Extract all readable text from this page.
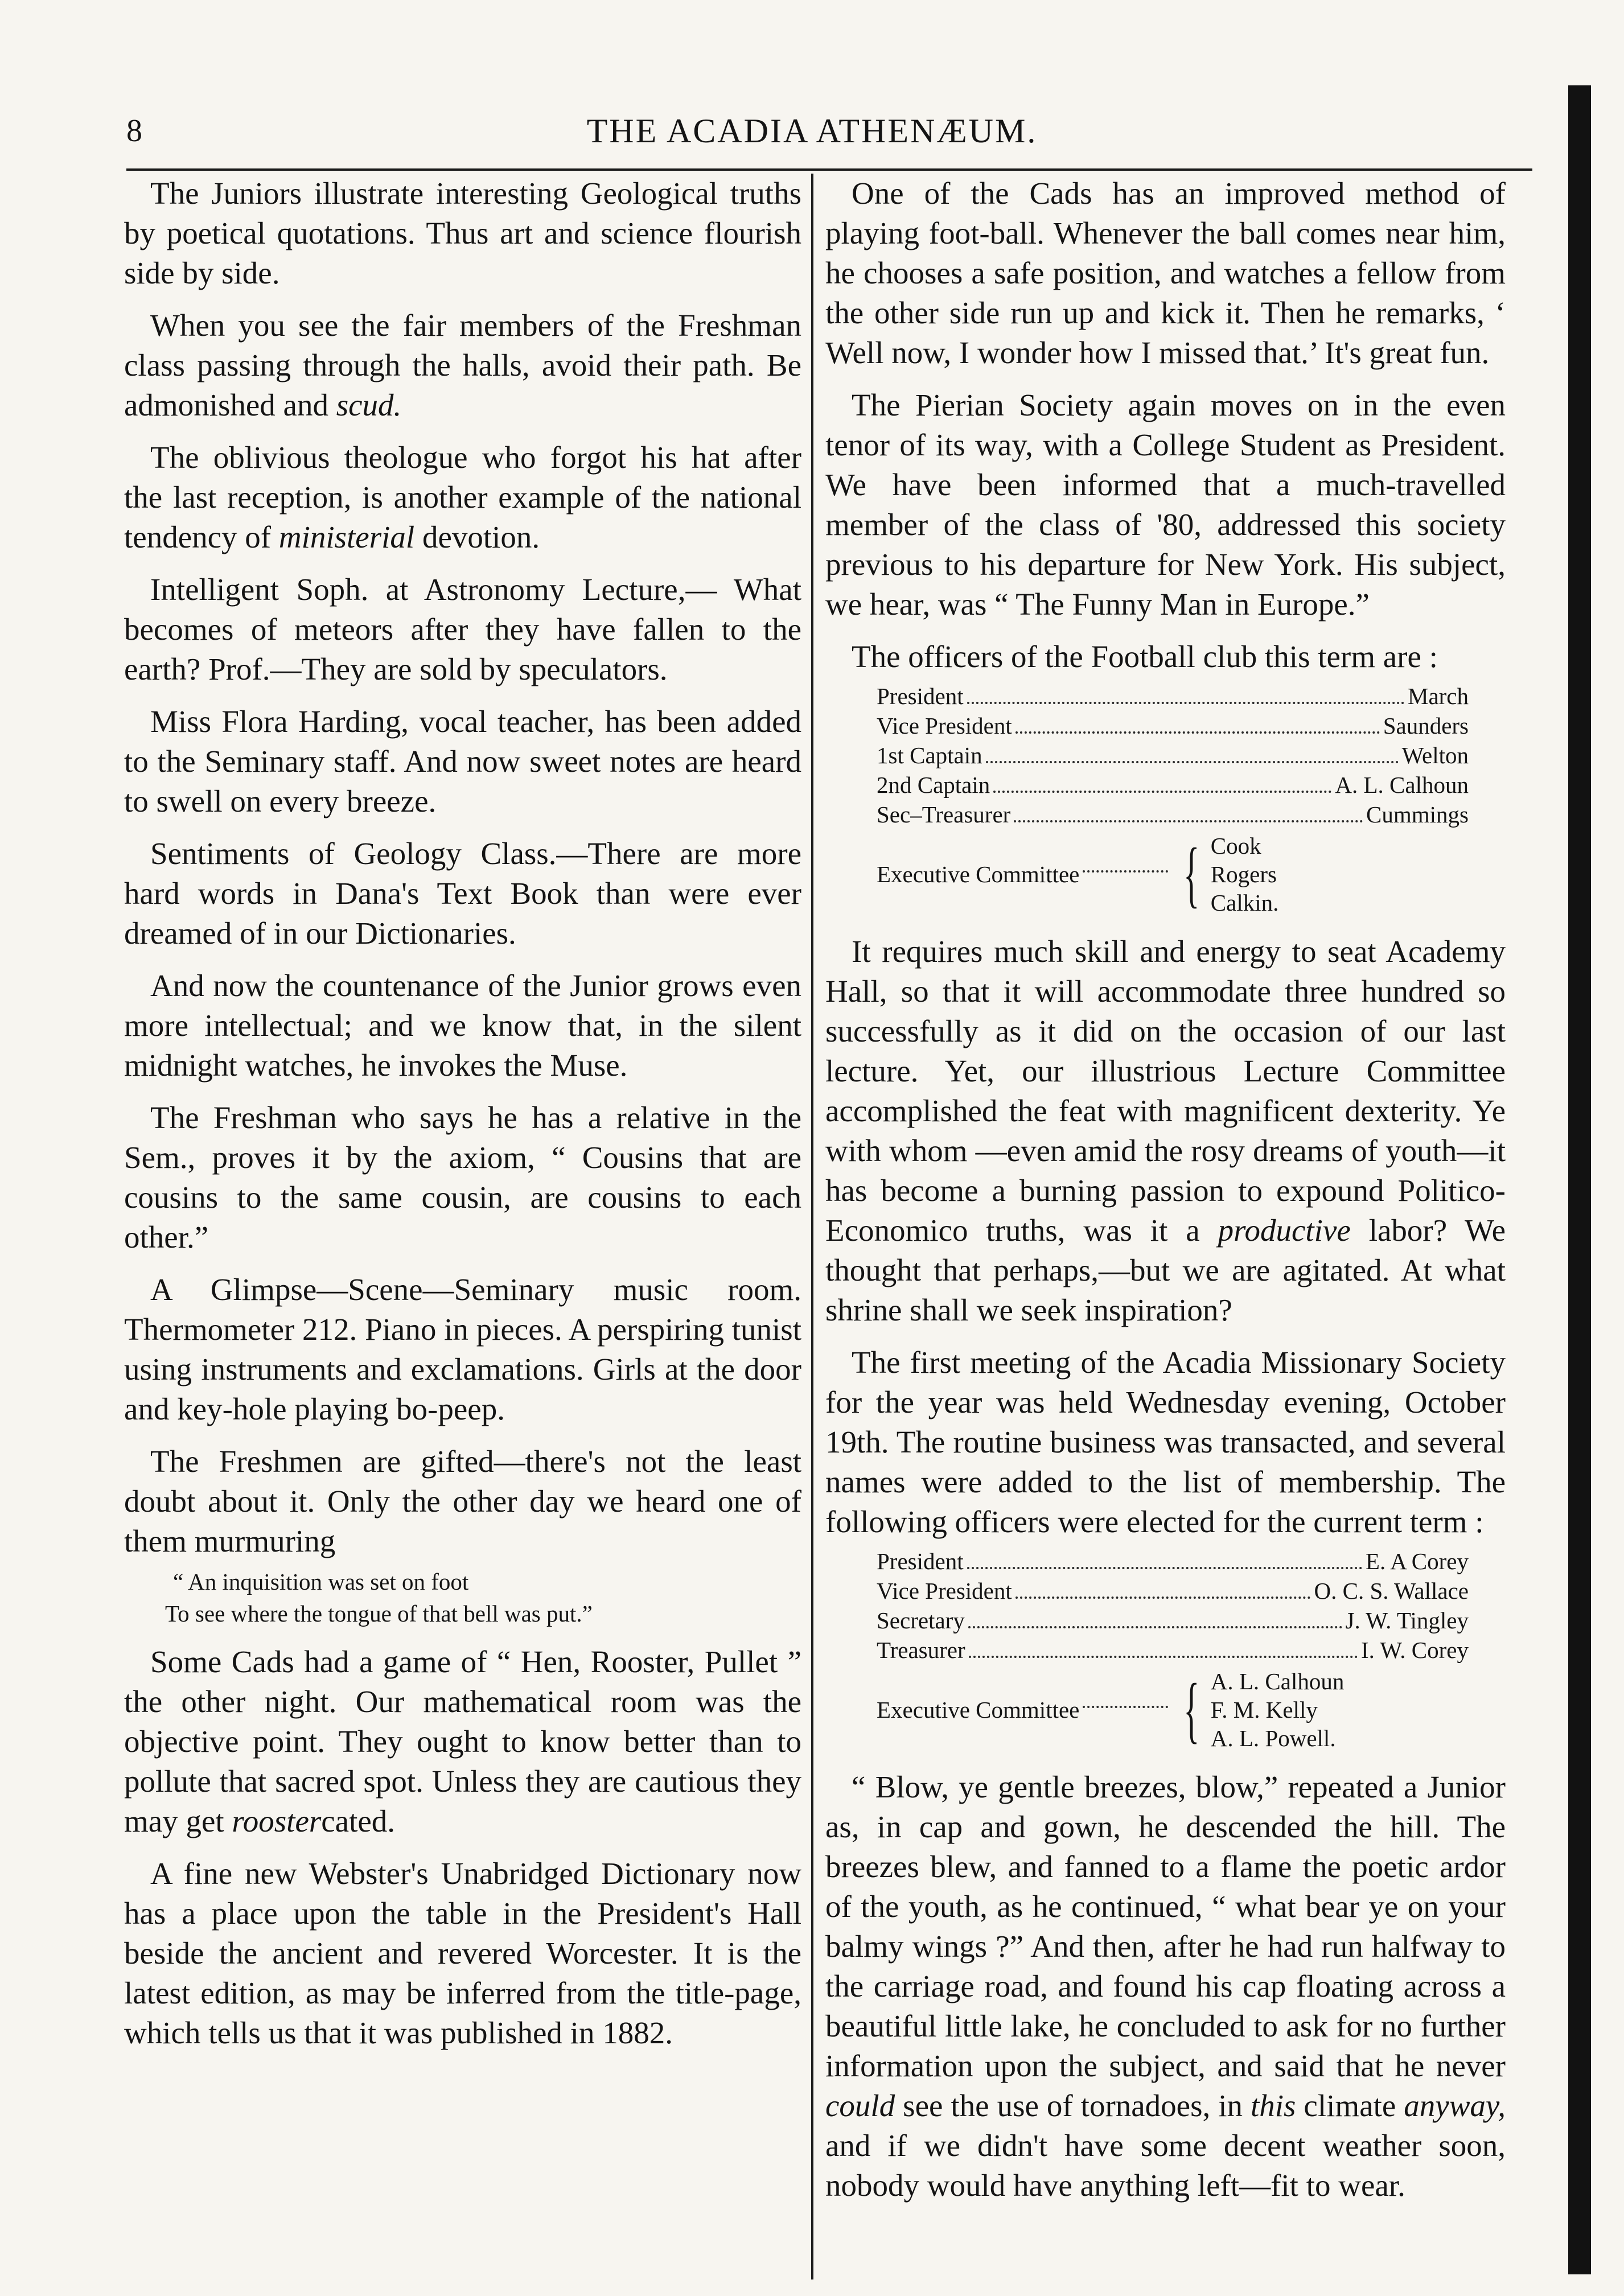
8	THE ACADIA ATHENÆUM.

The Juniors illustrate interesting Geological truths by poetical quotations. Thus art and science flourish side by side.

When you see the fair members of the Freshman class passing through the halls, avoid their path. Be admonished and scud.

The oblivious theologue who forgot his hat after the last reception, is another example of the national tendency of ministerial devotion.

Intelligent Soph. at Astronomy Lecture,— What becomes of meteors after they have fallen to the earth? Prof.—They are sold by speculators.

Miss Flora Harding, vocal teacher, has been added to the Seminary staff. And now sweet notes are heard to swell on every breeze.

Sentiments of Geology Class.—There are more hard words in Dana's Text Book than were ever dreamed of in our Dictionaries.

And now the countenance of the Junior grows even more intellectual; and we know that, in the silent midnight watches, he invokes the Muse.

The Freshman who says he has a relative in the Sem., proves it by the axiom, “ Cousins that are cousins to the same cousin, are cousins to each other.”

A Glimpse—Scene—Seminary music room. Thermometer 212. Piano in pieces. A perspiring tunist using instruments and exclamations. Girls at the door and key-hole playing bo-peep.

The Freshmen are gifted—there's not the least doubt about it. Only the other day we heard one of them murmuring

“ An inquisition was set on foot

To see where the tongue of that bell was put.”

Some Cads had a game of “ Hen, Rooster, Pullet ” the other night. Our mathematical room was the objective point. They ought to know better than to pollute that sacred spot. Unless they are cautious they may get roostercated.

A fine new Webster's Unabridged Dictionary now has a place upon the table in the President's Hall beside the ancient and revered Worcester. It is the latest edition, as may be inferred from the title-page, which tells us that it was published in 1882.

One of the Cads has an improved method of playing foot-ball. Whenever the ball comes near him, he chooses a safe position, and watches a fellow from the other side run up and kick it. Then he remarks, ‘ Well now, I wonder how I missed that.’ It's great fun.

The Pierian Society again moves on in the even tenor of its way, with a College Student as President. We have been informed that a much-travelled member of the class of '80, addressed this society previous to his departure for New York. His subject, we hear, was “ The Funny Man in Europe.”

The officers of the Football club this term are :

President	March
Vice President	Saunders
1st Captain	Welton
2nd Captain	A. L. Calhoun
Sec–Treasurer	Cummings
Executive Committee { Cook
Rogers
Calkin.

It requires much skill and energy to seat Academy Hall, so that it will accommodate three hundred so successfully as it did on the occasion of our last lecture. Yet, our illustrious Lecture Committee accomplished the feat with magnificent dexterity. Ye with whom —even amid the rosy dreams of youth—it has become a burning passion to expound Politico-Economico truths, was it a productive labor? We thought that perhaps,—but we are agitated. At what shrine shall we seek inspiration?

The first meeting of the Acadia Missionary Society for the year was held Wednesday evening, October 19th. The routine business was transacted, and several names were added to the list of membership. The following officers were elected for the current term :

President	E. A Corey
Vice President	O. C. S. Wallace
Secretary	J. W. Tingley
Treasurer	I. W. Corey
Executive Committee { A. L. Calhoun
F. M. Kelly
A. L. Powell.

“ Blow, ye gentle breezes, blow,” repeated a Junior as, in cap and gown, he descended the hill. The breezes blew, and fanned to a flame the poetic ardor of the youth, as he continued, “ what bear ye on your balmy wings ?” And then, after he had run halfway to the carriage road, and found his cap floating across a beautiful little lake, he concluded to ask for no further information upon the subject, and said that he never could see the use of tornadoes, in this climate anyway, and if we didn't have some decent weather soon, nobody would have anything left—fit to wear.
